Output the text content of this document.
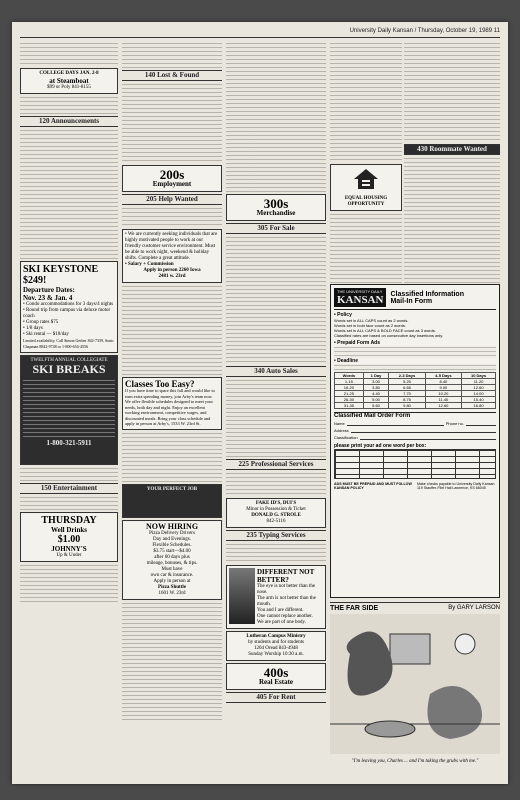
University Daily Kansan / Thursday, October 19, 1989 11
COLLEGE DAYS JAN. 2-8
at Steamboat
$99 or Poly 841-8155
120 Announcements
SKI KEYSTONE
$249!
Departure Dates:
Nov. 23 & Jan. 4
• Condo accommodations for 3 days/4 nights
• Round trip from campus via deluxe motor coach
• Group rates $75
• 1/8 days
• Ski rental — $10/day
Limited availability, Call Simon Gerber 842-7339, Sonic Chapman 8842-9748 or 1-800-654-4556
TWELFTH ANNUAL COLLEGIATE
SKI BREAKS
1-800-321-5911
150 Entertainment
THURSDAY
Well Drinks
$1.00
JOHNNY'S
Up & Under
140 Lost & Found
200s
Employment
205 Help Wanted
• We are currently seeking individuals that are highly motivated people to work at our friendly customer service environment. Must be able to work night, weekend & holiday shifts. Complete a great attitude.
• Salary + Commission
Apply in person 2260 Iowa
2481 w. 23rd
Classes Too Easy?
If you have time to spare this fall and would like to earn extra spending money, join Arby's team now. We offer flexible schedules designed to meet your needs, both day and night. Enjoy an excellent working environment, competitive wages, and discounted meals. Bring your class schedule and apply in person at Arby's, 1533 W. 23rd St.
YOUR PERFECT JOB
NOW HIRING
Pizza Delivery Drivers
Day and Evenings.
Flexible Schedules.
$3.75 start—$4.00
after 60 days plus
mileage, bonuses, & tips.
Must have
own car & insurance.
Apply in person at
Pizza Shuttle
1601 W. 23rd
300s
Merchandise
305 For Sale
340 Auto Sales
225 Professional Services
FAKE ID'S, DUI'S
Minor in Possession & Ticket
DONALD G. STROLE
842-5116
235 Typing Services
DIFFERENT NOT BETTER?
The eye is not better than the nose.
The arm is not better than the mouth.
You and I are different.
One cannot replace another.
We are part of one body.
Lutheran Campus Ministry
by students and for students
1204 Oread 843-4948
Sunday Worship 10:30 a.m.
400s
Real Estate
405 For Rent
EQUAL HOUSING OPPORTUNITY
430 Roommate Wanted
THE UNIVERSITY DAILY
KANSAN Classified Information
Mail-In Form
• Policy
Words set in ALL CAPS count as 2 words.
Words set in bold face count as 2 words.
Words set in ALL CAPS & BOLD FACE count as 3 words.
Classified rates are based on consecutive day insertions only.
• Prepaid Form Ads
• Deadline
Words	1 Day	2-3 Days	4-5 Days	10 Days
1-15	3.00	5.25	8.40	11.20
16-20	3.80	6.65	9.00	12.60
21-25	4.40	7.70	10.20	14.00
26-30	5.00	8.75	11.40	15.40
31-35	5.60	9.80	12.60	16.80
Classified Mail Order Form
Name	Phone no.
Address
Classification
please print your ad one word per box:
ADS MUST BE PREPAID AND MUST FOLLOW KANSAN POLICY
Make checks payable to University Daily Kansan 119 Stauffer-Flint Hall Lawrence, KS 66045
THE FAR SIDE	By GARY LARSON
"I'm leaving you, Charles ... and I'm taking the grubs with me."
